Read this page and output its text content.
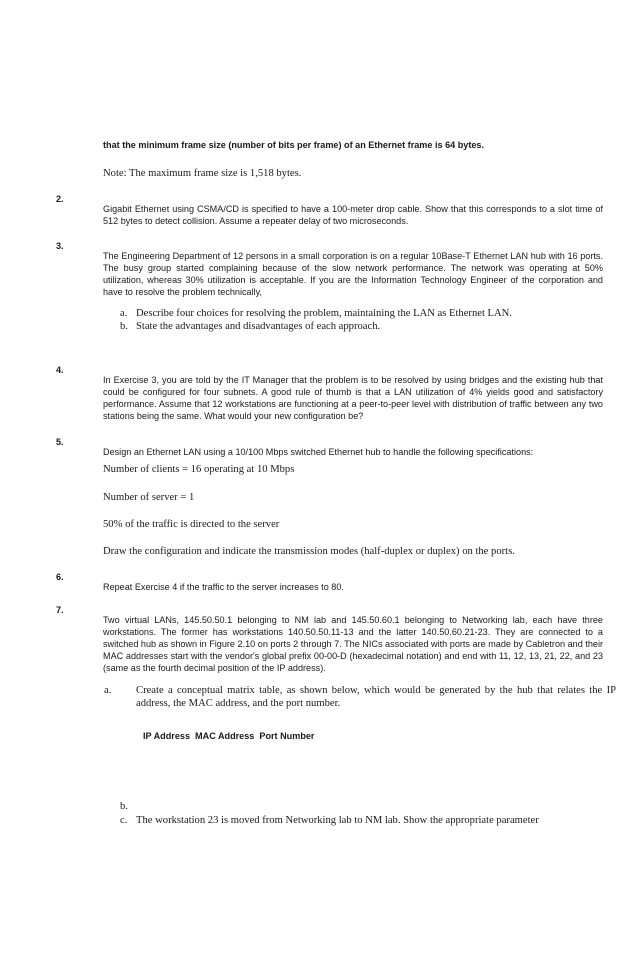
that the minimum frame size (number of bits per frame) of an Ethernet frame is 64 bytes.

Note: The maximum frame size is 1,518 bytes.

2.

Gigabit Ethernet using CSMA/CD is specified to have a 100-meter drop cable. Show that this corresponds to a slot time of 512 bytes to detect collision. Assume a repeater delay of two microseconds.

3.

The Engineering Department of 12 persons in a small corporation is on a regular 10Base-T Ethernet LAN hub with 16 ports. The busy group started complaining because of the slow network performance. The network was operating at 50% utilization, whereas 30% utilization is acceptable. If you are the Information Technology Engineer of the corporation and have to resolve the problem technically,

a. Describe four choices for resolving the problem, maintaining the LAN as Ethernet LAN.
b. State the advantages and disadvantages of each approach.
4.

In Exercise 3, you are told by the IT Manager that the problem is to be resolved by using bridges and the existing hub that could be configured for four subnets. A good rule of thumb is that a LAN utilization of 4% yields good and satisfactory performance. Assume that 12 workstations are functioning at a peer-to-peer level with distribution of traffic between any two stations being the same. What would your new configuration be?

5.

Design an Ethernet LAN using a 10/100 Mbps switched Ethernet hub to handle the following specifications:

Number of clients = 16 operating at 10 Mbps

Number of server = 1

50% of the traffic is directed to the server

Draw the configuration and indicate the transmission modes (half-duplex or duplex) on the ports.

6.

Repeat Exercise 4 if the traffic to the server increases to 80.

7.

Two virtual LANs, 145.50.50.1 belonging to NM lab and 145.50.60.1 belonging to Networking lab, each have three workstations. The former has workstations 140.50.50.11-13 and the latter 140.50.60.21-23. They are connected to a switched hub as shown in Figure 2.10 on ports 2 through 7. The NICs associated with ports are made by Cabletron and their MAC addresses start with the vendor's global prefix 00-00-D (hexadecimal notation) and end with 11, 12, 13, 21, 22, and 23 (same as the fourth decimal position of the IP address).

a. Create a conceptual matrix table, as shown below, which would be generated by the hub that relates the IP address, the MAC address, and the port number.

IP Address  MAC Address  Port Number

b.

c. The workstation 23 is moved from Networking lab to NM lab. Show the appropriate parameter
